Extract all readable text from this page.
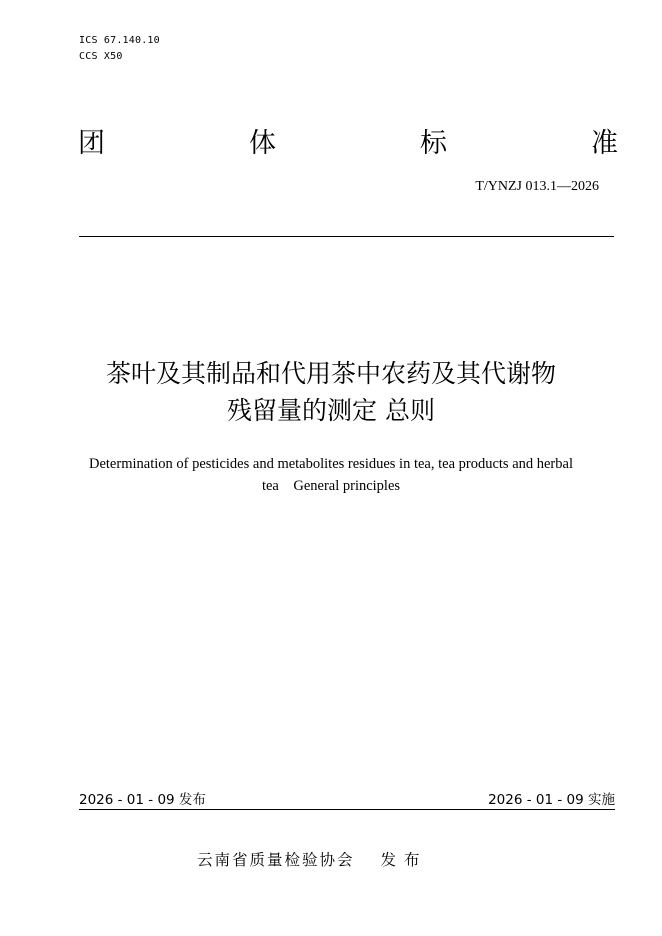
ICS 67.140.10
CCS X50
团	体	标	准
T/YNZJ 013.1—2026
茶叶及其制品和代用茶中农药及其代谢物
残留量的测定 总则
Determination of pesticides and metabolites residues in tea, tea products and herbal
tea    General principles
2026 - 01 - 09 发布	2026 - 01 - 09 实施
云南省质量检验协会 发布
